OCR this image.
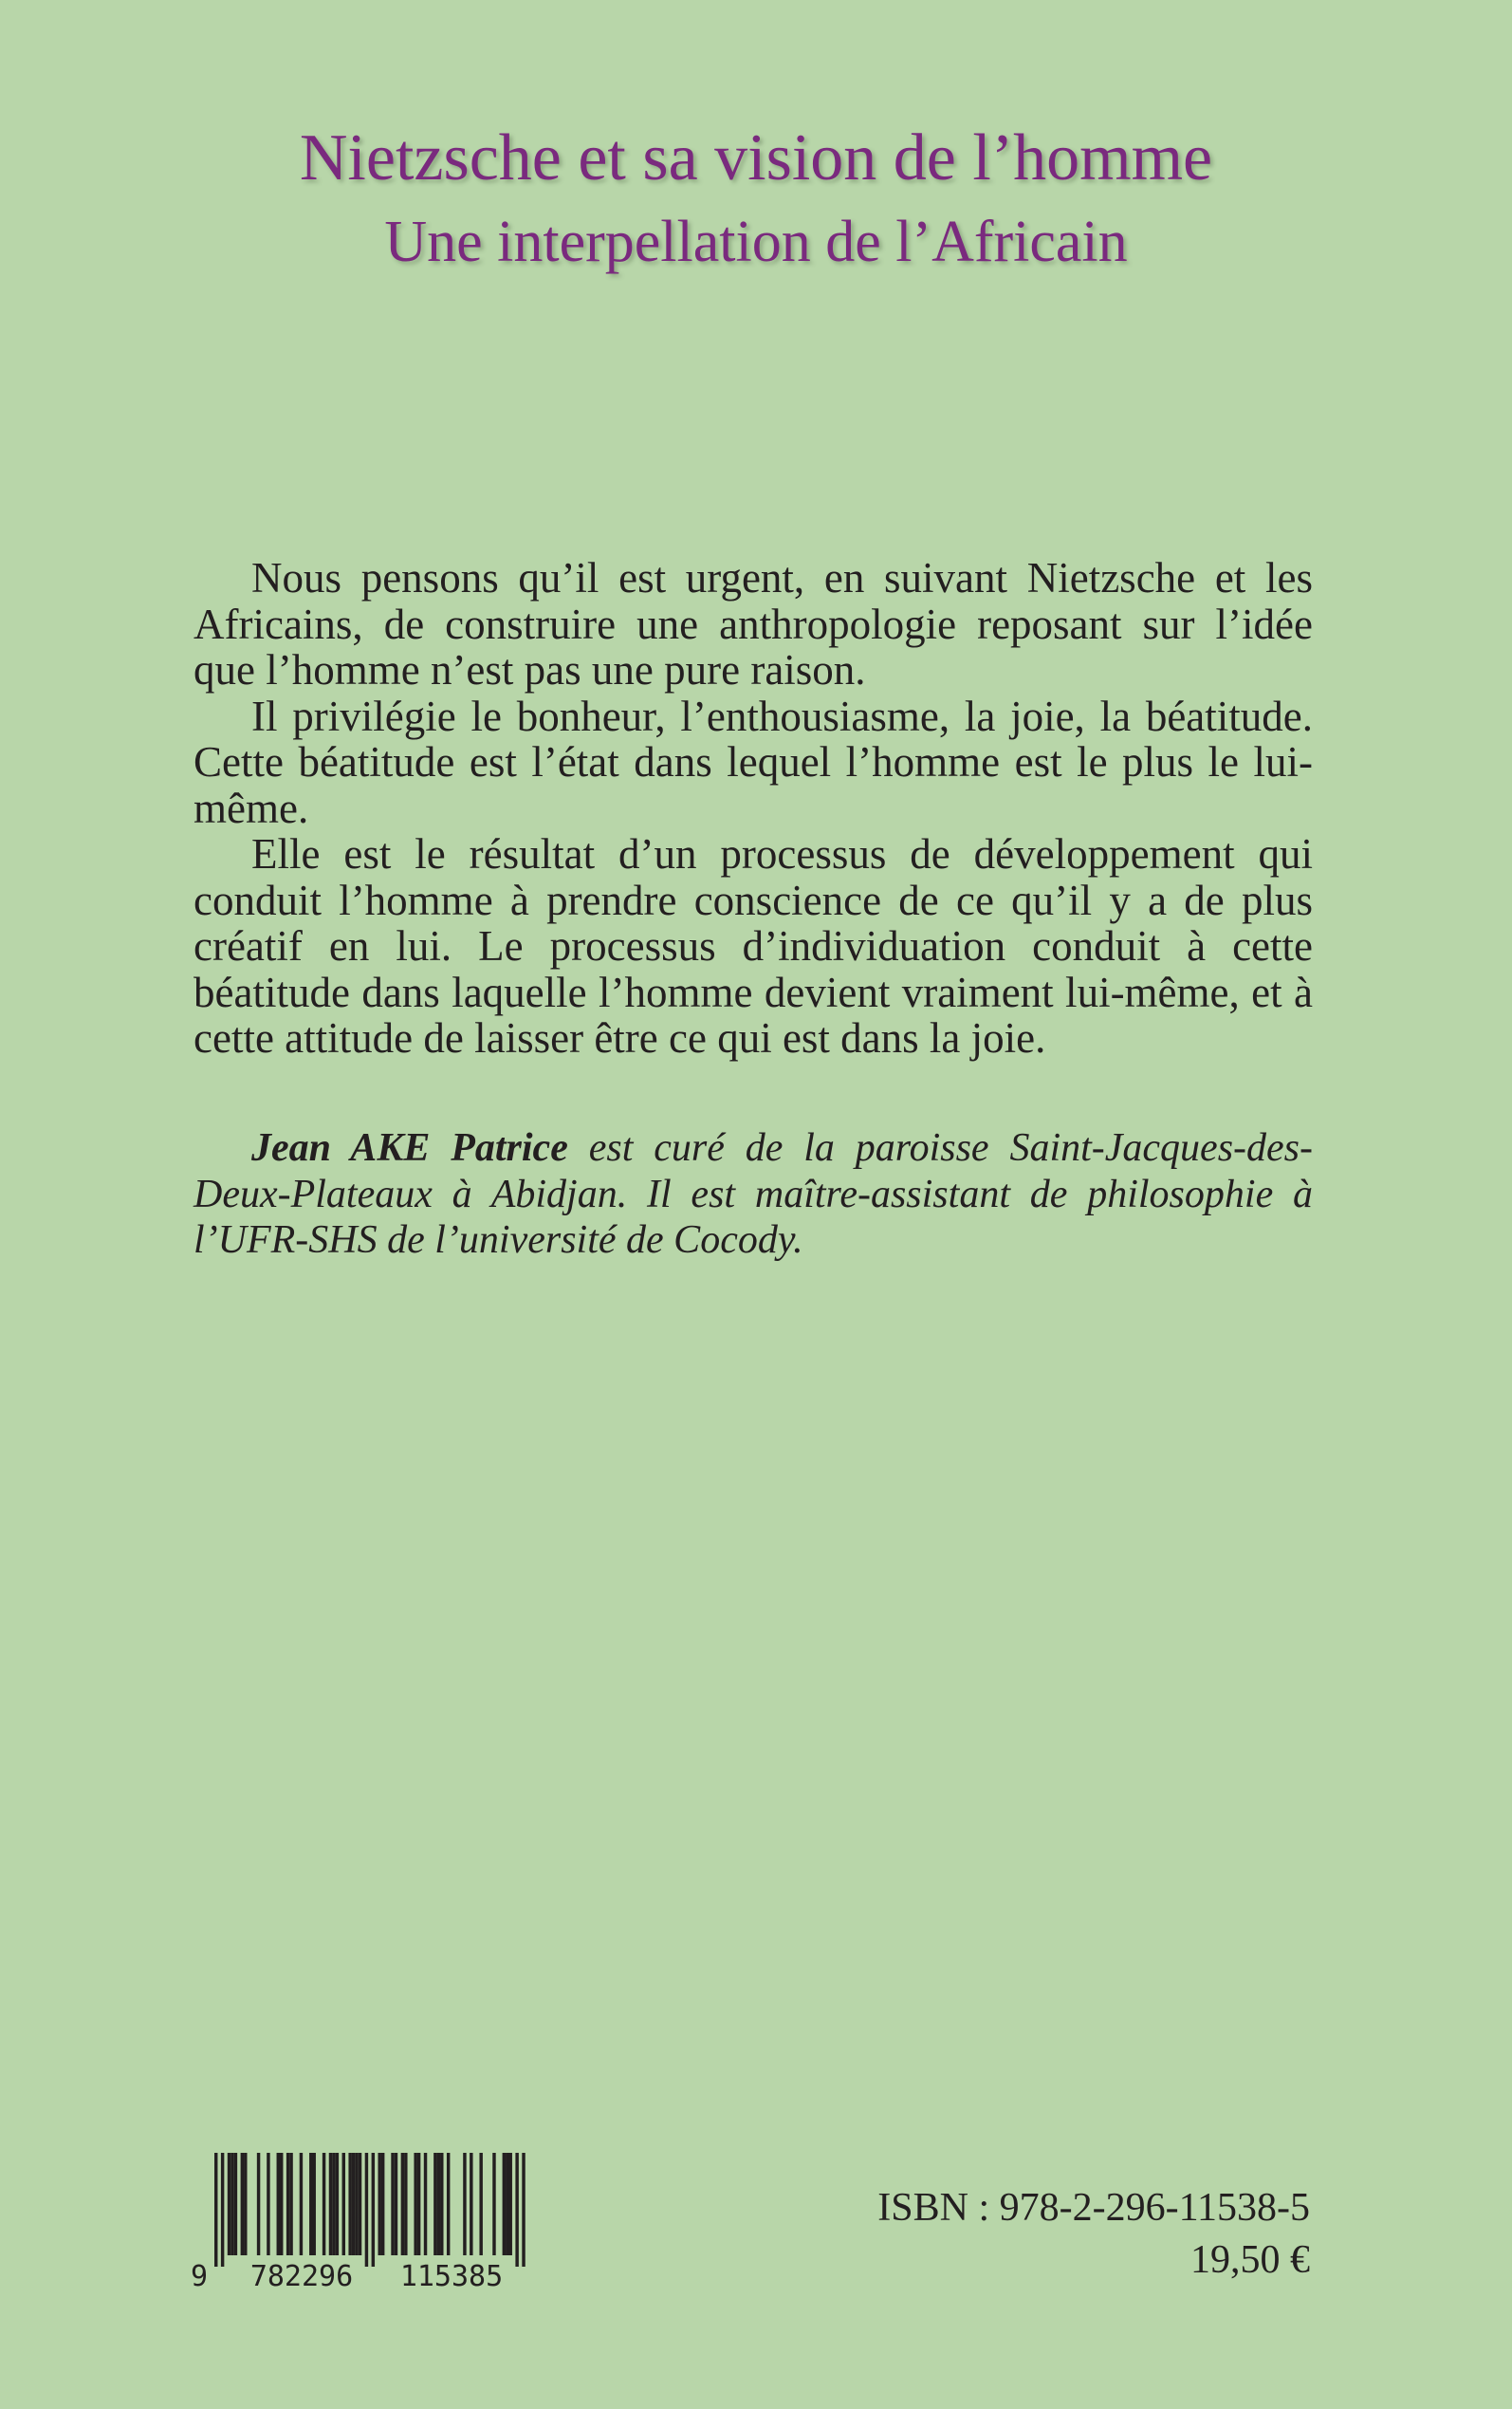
Nietzsche et sa vision de l’homme
Une interpellation de l’Africain

Nous pensons qu’il est urgent, en suivant Nietzsche et les Africains, de construire une anthropologie reposant sur l’idée que l’homme n’est pas une pure raison.

Il privilégie le bonheur, l’enthousiasme, la joie, la béatitude. Cette béatitude est l’état dans lequel l’homme est le plus le lui-même.

Elle est le résultat d’un processus de développement qui conduit l’homme à prendre conscience de ce qu’il y a de plus créatif en lui. Le processus d’individuation conduit à cette béatitude dans laquelle l’homme devient vraiment lui-même, et à cette attitude de laisser être ce qui est dans la joie.

Jean AKE Patrice est curé de la paroisse Saint-Jacques-des-Deux-Plateaux à Abidjan. Il est maître-assistant de philosophie à l’UFR-SHS de l’université de Cocody.

9 782296 115385

ISBN : 978-2-296-11538-5

19,50 €
